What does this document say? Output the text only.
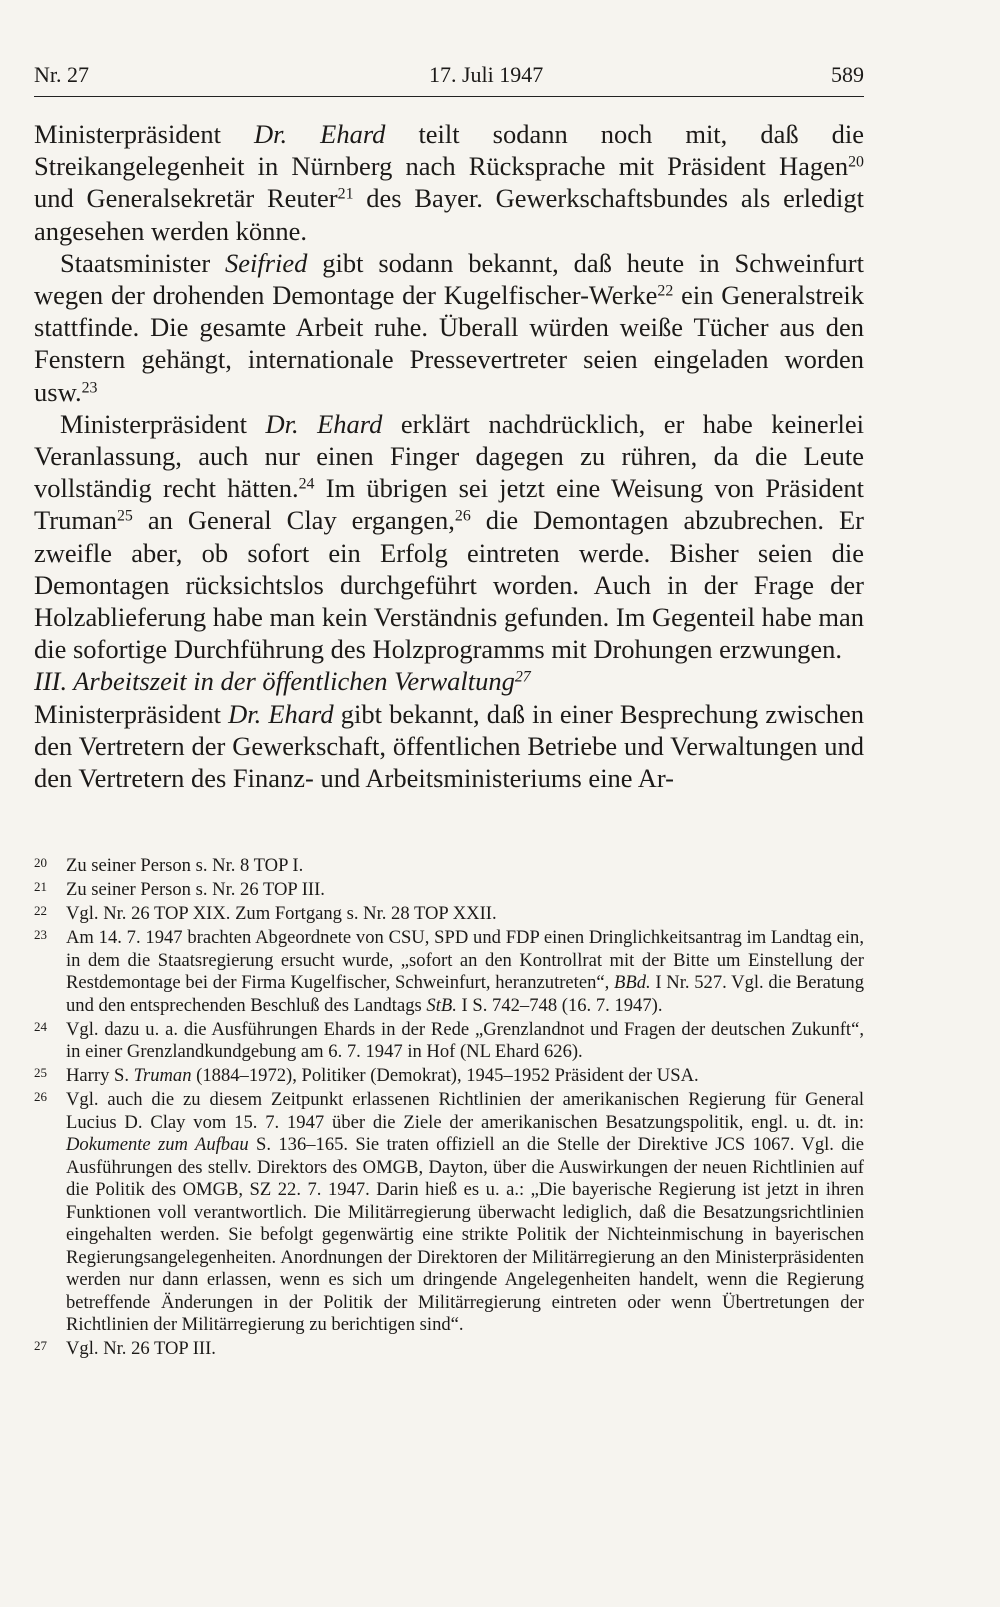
Nr. 27	17. Juli 1947	589

Ministerpräsident Dr. Ehard teilt sodann noch mit, daß die Streikangelegenheit in Nürnberg nach Rücksprache mit Präsident Hagen$^{20}$ und Generalsekretär Reuter$^{21}$ des Bayer. Gewerkschaftsbundes als erledigt angesehen werden könne.

Staatsminister Seifried gibt sodann bekannt, daß heute in Schweinfurt wegen der drohenden Demontage der Kugelfischer-Werke$^{22}$ ein Generalstreik stattfinde. Die gesamte Arbeit ruhe. Überall würden weiße Tücher aus den Fenstern gehängt, internationale Pressevertreter seien eingeladen worden usw.$^{23}$

Ministerpräsident Dr. Ehard erklärt nachdrücklich, er habe keinerlei Veranlassung, auch nur einen Finger dagegen zu rühren, da die Leute vollständig recht hätten.$^{24}$ Im übrigen sei jetzt eine Weisung von Präsident Truman$^{25}$ an General Clay ergangen,$^{26}$ die Demontagen abzubrechen. Er zweifle aber, ob sofort ein Erfolg eintreten werde. Bisher seien die Demontagen rücksichtslos durchgeführt worden. Auch in der Frage der Holzablieferung habe man kein Verständnis gefunden. Im Gegenteil habe man die sofortige Durchführung des Holzprogramms mit Drohungen erzwungen.

III. Arbeitszeit in der öffentlichen Verwaltung$^{27}$

Ministerpräsident Dr. Ehard gibt bekannt, daß in einer Besprechung zwischen den Vertretern der Gewerkschaft, öffentlichen Betriebe und Verwaltungen und den Vertretern des Finanz- und Arbeitsministeriums eine Ar-

20 Zu seiner Person s. Nr. 8 TOP I.

21 Zu seiner Person s. Nr. 26 TOP III.

22 Vgl. Nr. 26 TOP XIX. Zum Fortgang s. Nr. 28 TOP XXII.

23 Am 14. 7. 1947 brachten Abgeordnete von CSU, SPD und FDP einen Dringlichkeitsantrag im Landtag ein, in dem die Staatsregierung ersucht wurde, „sofort an den Kontrollrat mit der Bitte um Einstellung der Restdemontage bei der Firma Kugelfischer, Schweinfurt, heranzutreten“, BBd. I Nr. 527. Vgl. die Beratung und den entsprechenden Beschluß des Landtags StB. I S. 742–748 (16. 7. 1947).

24 Vgl. dazu u. a. die Ausführungen Ehards in der Rede „Grenzlandnot und Fragen der deutschen Zukunft“, in einer Grenzlandkundgebung am 6. 7. 1947 in Hof (NL Ehard 626).

25 Harry S. Truman (1884–1972), Politiker (Demokrat), 1945–1952 Präsident der USA.

26 Vgl. auch die zu diesem Zeitpunkt erlassenen Richtlinien der amerikanischen Regierung für General Lucius D. Clay vom 15. 7. 1947 über die Ziele der amerikanischen Besatzungspolitik, engl. u. dt. in: Dokumente zum Aufbau S. 136–165. Sie traten offiziell an die Stelle der Direktive JCS 1067. Vgl. die Ausführungen des stellv. Direktors des OMGB, Dayton, über die Auswirkungen der neuen Richtlinien auf die Politik des OMGB, SZ 22. 7. 1947. Darin hieß es u. a.: „Die bayerische Regierung ist jetzt in ihren Funktionen voll verantwortlich. Die Militärregierung überwacht lediglich, daß die Besatzungsrichtlinien eingehalten werden. Sie befolgt gegenwärtig eine strikte Politik der Nichteinmischung in bayerischen Regierungsangelegenheiten. Anordnungen der Direktoren der Militärregierung an den Ministerpräsidenten werden nur dann erlassen, wenn es sich um dringende Angelegenheiten handelt, wenn die Regierung betreffende Änderungen in der Politik der Militärregierung eintreten oder wenn Übertretungen der Richtlinien der Militärregierung zu berichtigen sind“.

27 Vgl. Nr. 26 TOP III.
